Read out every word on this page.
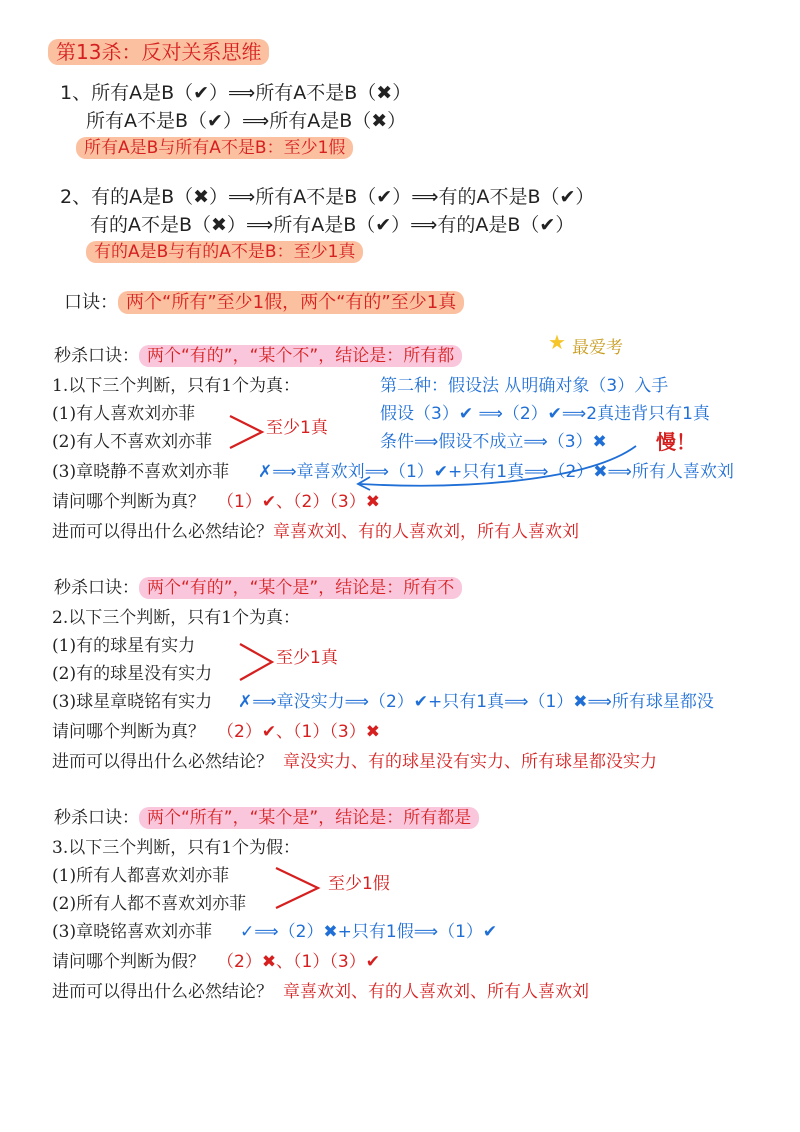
第13杀：反对关系思维
1、所有A是B（✔）⟹所有A不是B（✖）
所有A不是B（✔）⟹所有A是B（✖）
所有A是B与所有A不是B：至少1假
2、有的A是B（✖）⟹所有A不是B（✔）⟹有的A不是B（✔）
有的A不是B（✖）⟹所有A是B（✔）⟹有的A是B（✔）
有的A是B与有的A不是B：至少1真
口诀： 两个“所有”至少1假，两个“有的”至少1真
秒杀口诀： 两个“有的”，“某个不”，结论是：所有都
★ 最爱考
1.以下三个判断，只有1个为真：
(1)有人喜欢刘亦菲
(2)有人不喜欢刘亦菲
(3)章晓静不喜欢刘亦菲
至少1真
第二种：假设法 从明确对象（3）入手
假设（3）✔ ⟹（2）✔⟹2真违背只有1真
条件⟹假设不成立⟹（3）✖ 慢！
✗⟹章喜欢刘⟹（1）✔+只有1真⟹（2）✖⟹所有人喜欢刘
请问哪个判断为真？ （1）✔、（2）（3）✖
进而可以得出什么必然结论？章喜欢刘、有的人喜欢刘，所有人喜欢刘
秒杀口诀： 两个“有的”，“某个是”，结论是：所有不
2.以下三个判断，只有1个为真：
(1)有的球星有实力
(2)有的球星没有实力
(3)球星章晓铭有实力
至少1真
✗⟹章没实力⟹（2）✔+只有1真⟹（1）✖⟹所有球星都没
请问哪个判断为真？ （2）✔、（1）（3）✖
进而可以得出什么必然结论？ 章没实力、有的球星没有实力、所有球星都没实力
秒杀口诀： 两个“所有”，“某个是”，结论是：所有都是
3.以下三个判断，只有1个为假：
(1)所有人都喜欢刘亦菲
(2)所有人都不喜欢刘亦菲
(3)章晓铭喜欢刘亦菲
至少1假
✓⟹（2）✖+只有1假⟹（1）✔
请问哪个判断为假？ （2）✖、（1）（3）✔
进而可以得出什么必然结论？ 章喜欢刘、有的人喜欢刘、所有人喜欢刘
